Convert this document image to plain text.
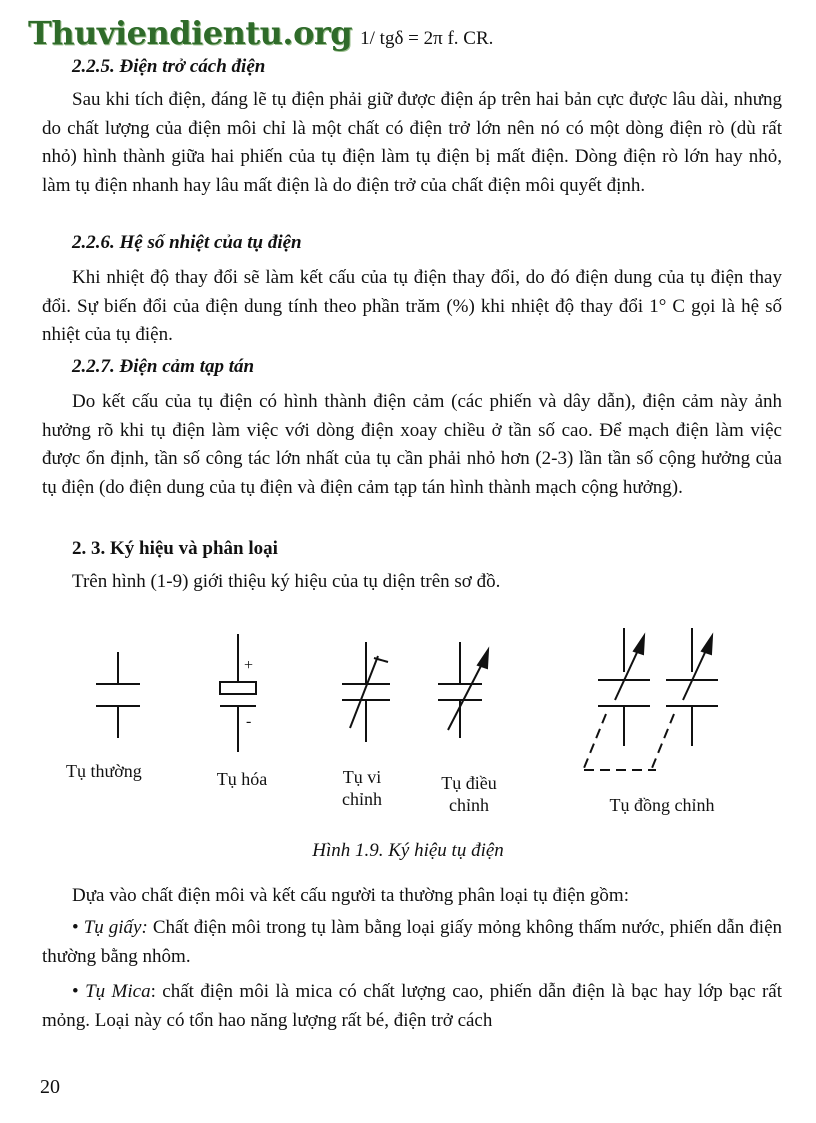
Thuviendientu.org 1/ tgδ = 2π f. CR.
2.2.5. Điện trở cách điện

Sau khi tích điện, đáng lẽ tụ điện phải giữ được điện áp trên hai bản cực được lâu dài, nhưng do chất lượng của điện môi chỉ là một chất có điện trở lớn nên nó có một dòng điện rò (dù rất nhỏ) hình thành giữa hai phiến của tụ điện làm tụ điện bị mất điện. Dòng điện rò lớn hay nhỏ, làm tụ điện nhanh hay lâu mất điện là do điện trở của chất điện môi quyết định.

2.2.6. Hệ số nhiệt của tụ điện

Khi nhiệt độ thay đổi sẽ làm kết cấu của tụ điện thay đổi, do đó điện dung của tụ điện thay đổi. Sự biến đổi của điện dung tính theo phần trăm (%) khi nhiệt độ thay đổi 1° C gọi là hệ số nhiệt của tụ điện.

2.2.7. Điện cảm tạp tán

Do kết cấu của tụ điện có hình thành điện cảm (các phiến và dây dẫn), điện cảm này ảnh hưởng rõ khi tụ điện làm việc với dòng điện xoay chiều ở tần số cao. Để mạch điện làm việc được ổn định, tần số công tác lớn nhất của tụ cần phải nhỏ hơn (2-3) lần tần số cộng hưởng của tụ điện (do điện dung của tụ điện và điện cảm tạp tán hình thành mạch cộng hưởng).

2. 3. Ký hiệu và phân loại

Trên hình (1-9) giới thiệu ký hiệu của tụ diện trên sơ đồ.

+
-
Tụ thường	Tụ hóa	Tụ vi chỉnh
Tụ điều chỉnh	Tụ đồng chỉnh
Hình 1.9. Ký hiệu tụ điện

Dựa vào chất điện môi và kết cấu người ta thường phân loại tụ điện gồm:

• Tụ giấy: Chất điện môi trong tụ làm bằng loại giấy mỏng không thấm nước, phiến dẫn điện thường bằng nhôm.

• Tụ Mica: chất điện môi là mica có chất lượng cao, phiến dẫn điện là bạc hay lớp bạc rất mỏng. Loại này có tổn hao năng lượng rất bé, điện trở cách

20
